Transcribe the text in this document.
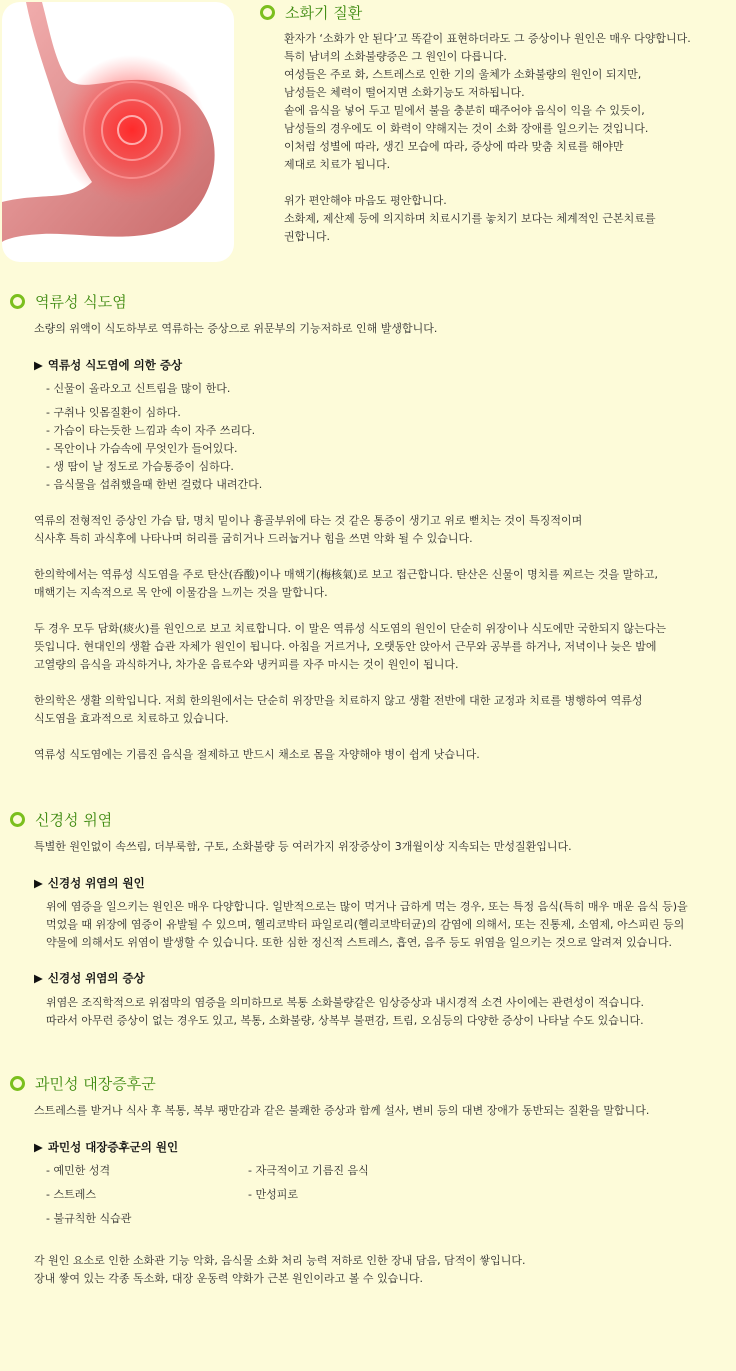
소화기 질환
환자가 ‘소화가 안 된다’고 똑같이 표현하더라도 그 증상이나 원인은 매우 다양합니다.
특히 남녀의 소화불량증은 그 원인이 다릅니다.
여성들은 주로 화, 스트레스로 인한 기의 울체가 소화불량의 원인이 되지만,
남성들은 체력이 떨어지면 소화기능도 저하됩니다.
솥에 음식을 넣어 두고 밑에서 불을 충분히 때주어야 음식이 익을 수 있듯이,
남성들의 경우에도 이 화력이 약해지는 것이 소화 장애를 일으키는 것입니다.
이처럼 성별에 따라, 생긴 모습에 따라, 증상에 따라 맞춤 치료를 해야만
제대로 치료가 됩니다.
위가 편안해야 마음도 평안합니다.
소화제, 제산제 등에 의지하며 치료시기를 놓치기 보다는 체계적인 근본치료를
권합니다.
역류성 식도염
소량의 위액이 식도하부로 역류하는 증상으로 위문부의 기능저하로 인해 발생합니다.
▶ 역류성 식도염에 의한 증상
- 신물이 올라오고 신트림을 많이 한다.
- 구취나 잇몸질환이 심하다.
- 가슴이 타는듯한 느낌과 속이 자주 쓰리다.
- 목안이나 가슴속에 무엇인가 들어있다.
- 생 땀이 날 정도로 가슴통증이 심하다.
- 음식물을 섭취했을때 한번 걸렸다 내려간다.
역류의 전형적인 증상인 가슴 탐, 명치 밑이나 흉골부위에 타는 것 같은 통증이 생기고 위로 뻗치는 것이 특징적이며
식사후 특히 과식후에 나타나며 허리를 굽히거나 드러눕거나 힘을 쓰면 악화 될 수 있습니다.
한의학에서는 역류성 식도염을 주로 탄산(呑酸)이나 매핵기(梅核氣)로 보고 접근합니다. 탄산은 신물이 명치를 찌르는 것을 말하고,
매핵기는 지속적으로 목 안에 이물감을 느끼는 것을 말합니다.
두 경우 모두 담화(痰火)를 원인으로 보고 치료합니다. 이 말은 역류성 식도염의 원인이 단순히 위장이나 식도에만 국한되지 않는다는
뜻입니다. 현대인의 생활 습관 자체가 원인이 됩니다. 아침을 거르거나, 오랫동안 앉아서 근무와 공부를 하거나, 저녁이나 늦은 밤에
고열량의 음식을 과식하거나, 차가운 음료수와 냉커피를 자주 마시는 것이 원인이 됩니다.
한의학은 생활 의학입니다. 저희 한의원에서는 단순히 위장만을 치료하지 않고 생활 전반에 대한 교정과 치료를 병행하여 역류성
식도염을 효과적으로 치료하고 있습니다.
역류성 식도염에는 기름진 음식을 절제하고 반드시 채소로 몸을 자양해야 병이 쉽게 낫습니다.
신경성 위염
특별한 원인없이 속쓰림, 더부룩함, 구토, 소화불량 등 여러가지 위장증상이 3개월이상 지속되는 만성질환입니다.
▶ 신경성 위염의 원인
위에 염증을 일으키는 원인은 매우 다양합니다. 일반적으로는 많이 먹거나 급하게 먹는 경우, 또는 특정 음식(특히 매우 매운 음식 등)을
먹었을 때 위장에 염증이 유발될 수 있으며, 헬리코박터 파일로리(헬리코박터균)의 감염에 의해서, 또는 진통제, 소염제, 아스피린 등의
약물에 의해서도 위염이 발생할 수 있습니다. 또한 심한 정신적 스트레스, 흡연, 음주 등도 위염을 일으키는 것으로 알려져 있습니다.
▶ 신경성 위염의 증상
위염은 조직학적으로 위점막의 염증을 의미하므로 복통 소화불량같은 임상증상과 내시경적 소견 사이에는 관련성이 적습니다.
따라서 아무런 증상이 없는 경우도 있고, 복통, 소화불량, 상복부 불편감, 트림, 오심등의 다양한 증상이 나타날 수도 있습니다.
과민성 대장증후군
스트레스를 받거나 식사 후 복통, 복부 팽만감과 같은 불쾌한 증상과 함께 설사, 변비 등의 대변 장애가 동반되는 질환을 말합니다.
▶ 과민성 대장증후군의 원인
- 예민한 성격
- 스트레스
- 불규칙한 식습관
- 자극적이고 기름진 음식
- 만성피로
각 원인 요소로 인한 소화관 기능 악화, 음식물 소화 처리 능력 저하로 인한 장내 담음, 담적이 쌓입니다.
장내 쌓여 있는 각종 독소화, 대장 운동력 약화가 근본 원인이라고 볼 수 있습니다.
